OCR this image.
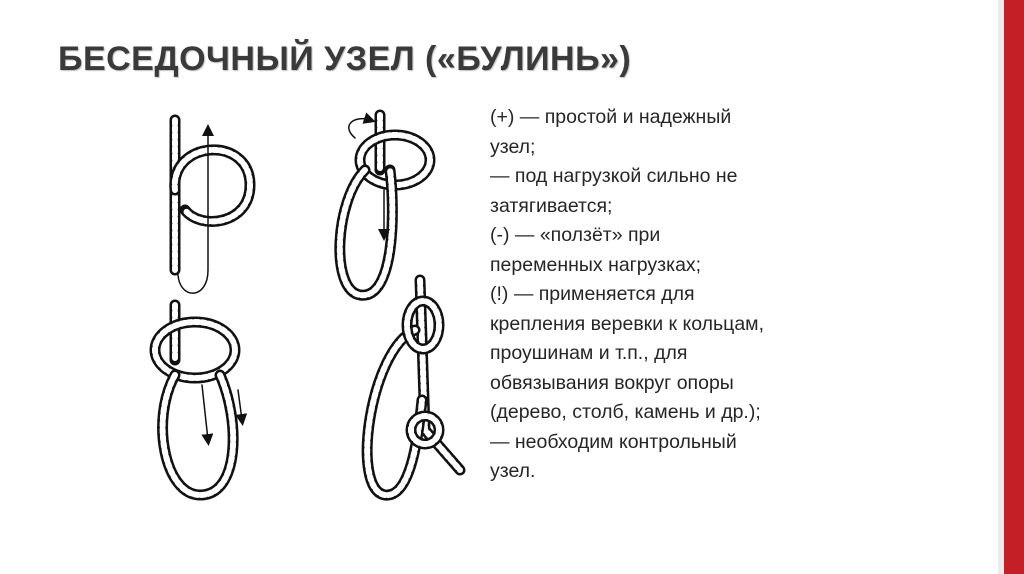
БЕСЕДОЧНЫЙ УЗЕЛ («БУЛИНЬ»)
(+) — простой и надежный
узел;
— под нагрузкой сильно не
затягивается;
(-) — «ползёт» при
переменных нагрузках;
(!) — применяется для
крепления веревки к кольцам,
проушинам и т.п., для
обвязывания вокруг опоры
(дерево, столб, камень и др.);
— необходим контрольный
узел.
